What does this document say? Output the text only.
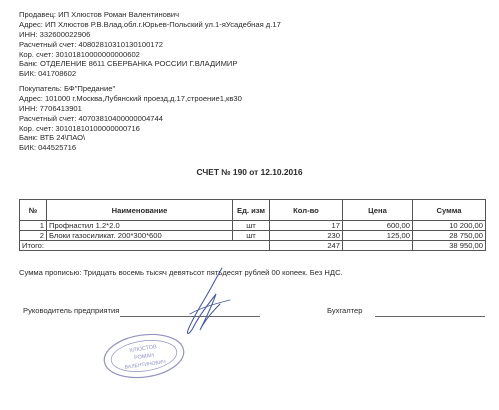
Продавец: ИП Хлюстов Роман Валентинович
Адрес: ИП Хлюстов Р.В.Влад.обл.г.Юрьев-Польский ул.1-яУсадебная д.17
ИНН: 332600022906
Расчетный счет: 40802810310130100172
Кор. счет: 30101810000000000602
Банк: ОТДЕЛЕНИЕ 8611 СБЕРБАНКА РОССИИ Г.ВЛАДИМИР
БИК: 041708602
Покупатель: БФ"Предание"
Адрес: 101000 г.Москва,Лубянский проезд,д.17,строение1,кв30
ИНН: 7706413901
Расчетный счет: 40703810400000004744
Кор. счет: 30101810100000000716
Банк: ВТБ 24\ПАО\
БИК: 044525716
СЧЕТ № 190 от 12.10.2016
№	Наименование	Ед. изм	Кол-во	Цена	Сумма
1	Профнастил 1.2*2.0	шт	17	600,00	10 200,00
2	Блоки газосиликат. 200*300*600	шт	230	125,00	28 750,00
Итого:			247		38 950,00
Сумма прописью: Тридцать восемь тысяч девятьсот пятьдесят рублей 00 копеек. Без НДС.
Руководитель предприятия	Бухгалтер
ХЛЮСТОВ
РОМАН
ВАЛЕНТИНОВИЧ
